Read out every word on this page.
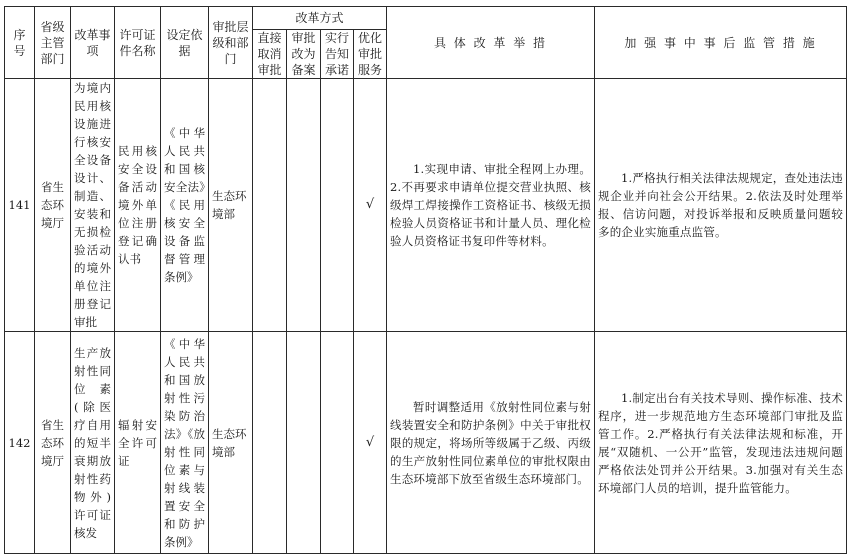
序号	省级主管部门	改革事项	许可证件名称	设定依据	审批层级和部门	改革方式				具 体 改 革 举 措	加 强 事 中 事 后 监 管 措 施
						直接取消审批	审批改为备案	实行告知承诺	优化审批服务		
141	省生态环境厅	为境内民用核设施进行核安全设备设计、制造、安装和无损检验活动的境外单位注册登记审批	民用核安全设备活动境外单位注册登记确认书	《中华人民共和国核安全法》《民用核安全设备监督管理条例》	生态环境部				√	1.实现申请、审批全程网上办理。2.不再要求申请单位提交营业执照、核级焊工焊接操作工资格证书、核级无损检验人员资格证书和计量人员、理化检验人员资格证书复印件等材料。	1.严格执行相关法律法规规定，查处违法违规企业并向社会公开结果。2.依法及时处理举报、信访问题，对投诉举报和反映质量问题较多的企业实施重点监管。
142	省生态环境厅	生产放射性同位素(除医疗自用的短半衰期放射性药物外)许可证核发	辐射安全许可证	《中华人民共和国放射性污染防治法》《放射性同位素与射线装置安全和防护条例》	生态环境部				√	暂时调整适用《放射性同位素与射线装置安全和防护条例》中关于审批权限的规定，将场所等级属于乙级、丙级的生产放射性同位素单位的审批权限由生态环境部下放至省级生态环境部门。	1.制定出台有关技术导则、操作标准、技术程序，进一步规范地方生态环境部门审批及监管工作。2.严格执行有关法律法规和标准，开展“双随机、一公开”监管，发现违法违规问题严格依法处罚并公开结果。3.加强对有关生态环境部门人员的培训，提升监管能力。
